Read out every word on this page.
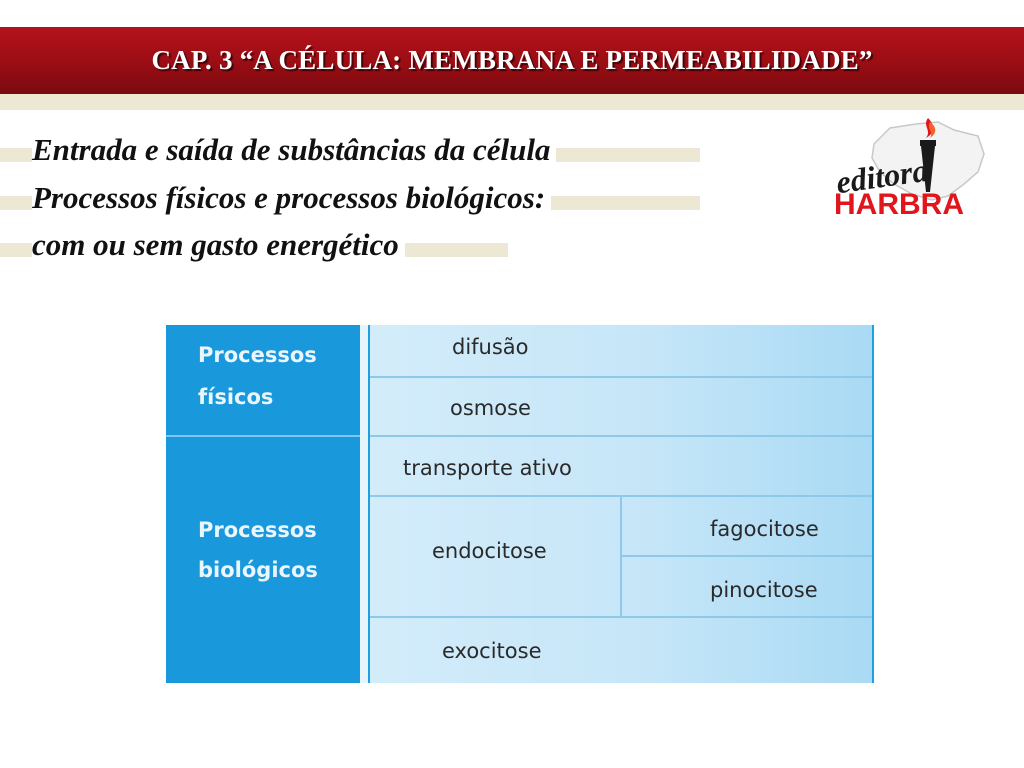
CAP. 3 “A CÉLULA: MEMBRANA E PERMEABILIDADE”
Entrada e saída de substâncias da célula
Processos físicos e processos biológicos:
com ou sem gasto energético
editora
HARBRA
Processos
físicos
Processos
biológicos
difusão
osmose
transporte ativo
endocitose
fagocitose
pinocitose
exocitose
